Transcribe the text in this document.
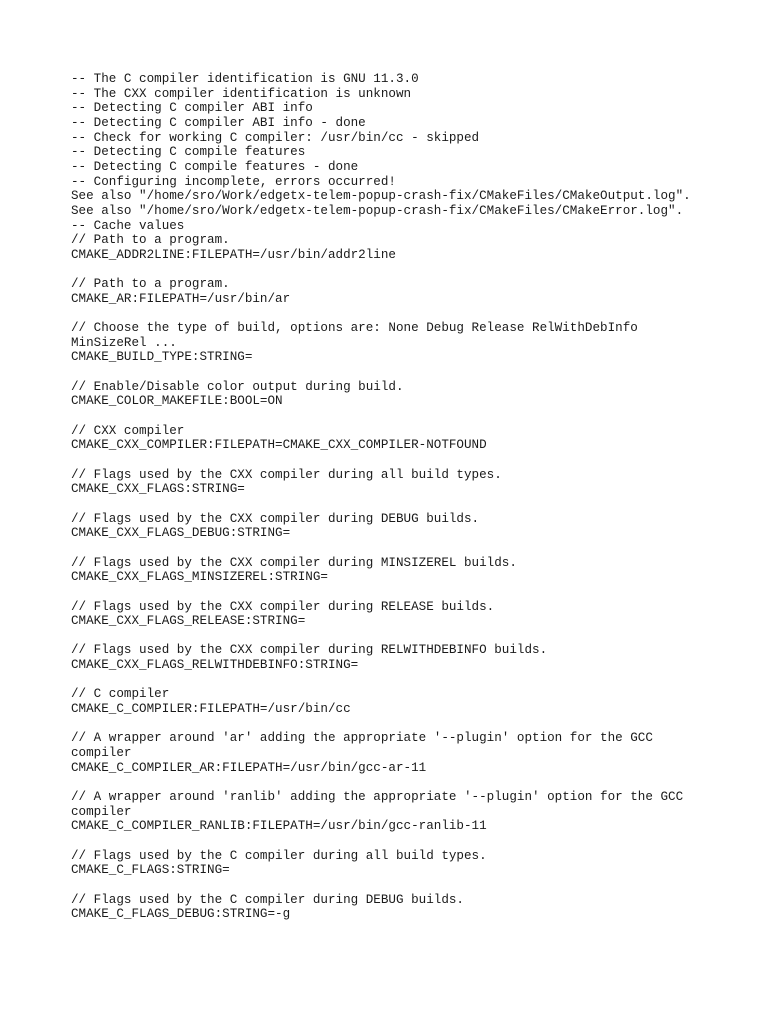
-- The C compiler identification is GNU 11.3.0
-- The CXX compiler identification is unknown
-- Detecting C compiler ABI info
-- Detecting C compiler ABI info - done
-- Check for working C compiler: /usr/bin/cc - skipped
-- Detecting C compile features
-- Detecting C compile features - done
-- Configuring incomplete, errors occurred!
See also "/home/sro/Work/edgetx-telem-popup-crash-fix/CMakeFiles/CMakeOutput.log".
See also "/home/sro/Work/edgetx-telem-popup-crash-fix/CMakeFiles/CMakeError.log".
-- Cache values
// Path to a program.
CMAKE_ADDR2LINE:FILEPATH=/usr/bin/addr2line
// Path to a program.
CMAKE_AR:FILEPATH=/usr/bin/ar
// Choose the type of build, options are: None Debug Release RelWithDebInfo
MinSizeRel ...
CMAKE_BUILD_TYPE:STRING=
// Enable/Disable color output during build.
CMAKE_COLOR_MAKEFILE:BOOL=ON
// CXX compiler
CMAKE_CXX_COMPILER:FILEPATH=CMAKE_CXX_COMPILER-NOTFOUND
// Flags used by the CXX compiler during all build types.
CMAKE_CXX_FLAGS:STRING=
// Flags used by the CXX compiler during DEBUG builds.
CMAKE_CXX_FLAGS_DEBUG:STRING=
// Flags used by the CXX compiler during MINSIZEREL builds.
CMAKE_CXX_FLAGS_MINSIZEREL:STRING=
// Flags used by the CXX compiler during RELEASE builds.
CMAKE_CXX_FLAGS_RELEASE:STRING=
// Flags used by the CXX compiler during RELWITHDEBINFO builds.
CMAKE_CXX_FLAGS_RELWITHDEBINFO:STRING=
// C compiler
CMAKE_C_COMPILER:FILEPATH=/usr/bin/cc
// A wrapper around 'ar' adding the appropriate '--plugin' option for the GCC
compiler
CMAKE_C_COMPILER_AR:FILEPATH=/usr/bin/gcc-ar-11
// A wrapper around 'ranlib' adding the appropriate '--plugin' option for the GCC
compiler
CMAKE_C_COMPILER_RANLIB:FILEPATH=/usr/bin/gcc-ranlib-11
// Flags used by the C compiler during all build types.
CMAKE_C_FLAGS:STRING=
// Flags used by the C compiler during DEBUG builds.
CMAKE_C_FLAGS_DEBUG:STRING=-g
